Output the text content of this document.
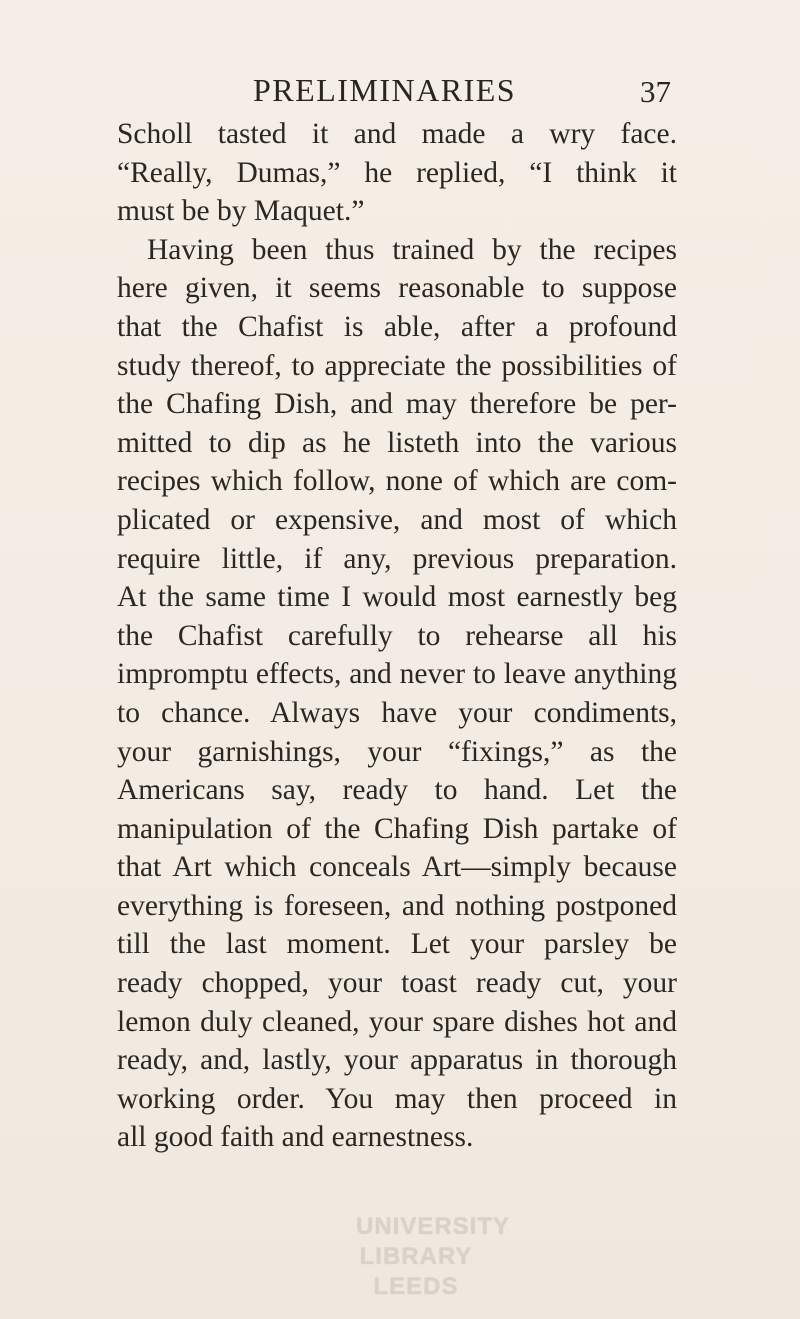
PRELIMINARIES	37
Scholl tasted it and made a wry face.
“Really, Dumas,” he replied, “I think it
must be by Maquet.”
Having been thus trained by the recipes
here given, it seems reasonable to suppose
that the Chafist is able, after a profound
study thereof, to appreciate the possibilities of
the Chafing Dish, and may therefore be per-
mitted to dip as he listeth into the various
recipes which follow, none of which are com-
plicated or expensive, and most of which
require little, if any, previous preparation.
At the same time I would most earnestly beg
the Chafist carefully to rehearse all his
impromptu effects, and never to leave anything
to chance. Always have your condiments,
your garnishings, your “fixings,” as the
Americans say, ready to hand. Let the
manipulation of the Chafing Dish partake of
that Art which conceals Art—simply because
everything is foreseen, and nothing postponed
till the last moment. Let your parsley be
ready chopped, your toast ready cut, your
lemon duly cleaned, your spare dishes hot and
ready, and, lastly, your apparatus in thorough
working order. You may then proceed in
all good faith and earnestness.
UNIVERSITY
LIBRARY
LEEDS
